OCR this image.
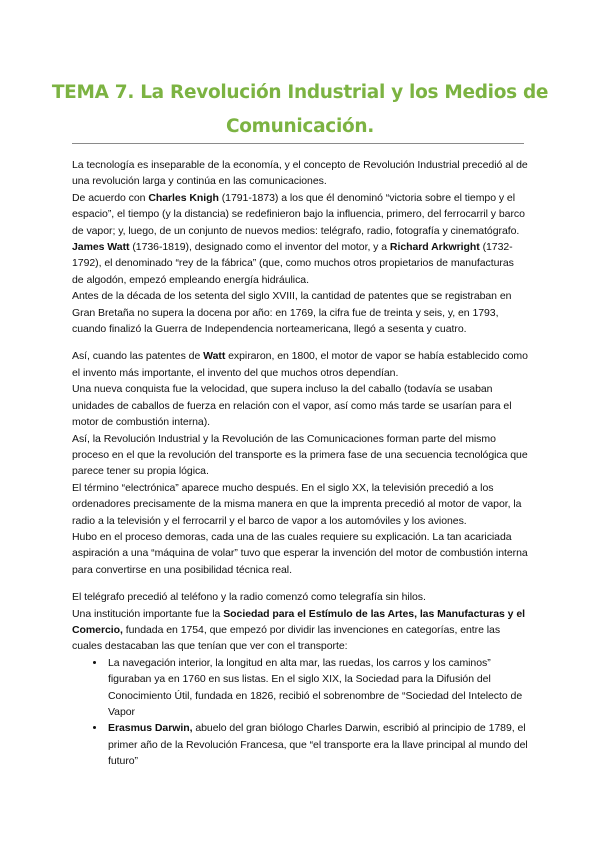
TEMA 7. La Revolución Industrial y los Medios de
Comunicación.

La tecnología es inseparable de la economía, y el concepto de Revolución Industrial precedió al de una revolución larga y continúa en las comunicaciones.

De acuerdo con Charles Knigh (1791-1873) a los que él denominó “victoria sobre el tiempo y el espacio”, el tiempo (y la distancia) se redefinieron bajo la influencia, primero, del ferrocarril y barco de vapor; y, luego, de un conjunto de nuevos medios: telégrafo, radio, fotografía y cinematógrafo.

James Watt (1736-1819), designado como el inventor del motor, y a Richard Arkwright (1732-1792), el denominado “rey de la fábrica” (que, como muchos otros propietarios de manufacturas de algodón, empezó empleando energía hidráulica.

Antes de la década de los setenta del siglo XVIII, la cantidad de patentes que se registraban en Gran Bretaña no supera la docena por año: en 1769, la cifra fue de treinta y seis, y, en 1793, cuando finalizó la Guerra de Independencia norteamericana, llegó a sesenta y cuatro.

Así, cuando las patentes de Watt expiraron, en 1800, el motor de vapor se había establecido como el invento más importante, el invento del que muchos otros dependían.

Una nueva conquista fue la velocidad, que supera incluso la del caballo (todavía se usaban unidades de caballos de fuerza en relación con el vapor, así como más tarde se usarían para el motor de combustión interna).

Así, la Revolución Industrial y la Revolución de las Comunicaciones forman parte del mismo proceso en el que la revolución del transporte es la primera fase de una secuencia tecnológica que parece tener su propia lógica.

El término “electrónica” aparece mucho después. En el siglo XX, la televisión precedió a los ordenadores precisamente de la misma manera en que la imprenta precedió al motor de vapor, la radio a la televisión y el ferrocarril y el barco de vapor a los automóviles y los aviones.

Hubo en el proceso demoras, cada una de las cuales requiere su explicación. La tan acariciada aspiración a una “máquina de volar” tuvo que esperar la invención del motor de combustión interna para convertirse en una posibilidad técnica real.

El telégrafo precedió al teléfono y la radio comenzó como telegrafía sin hilos.

Una institución importante fue la Sociedad para el Estímulo de las Artes, las Manufacturas y el Comercio, fundada en 1754, que empezó por dividir las invenciones en categorías, entre las cuales destacaban las que tenían que ver con el transporte:

• La navegación interior, la longitud en alta mar, las ruedas, los carros y los caminos” figuraban ya en 1760 en sus listas. En el siglo XIX, la Sociedad para la Difusión del Conocimiento Útil, fundada en 1826, recibió el sobrenombre de “Sociedad del Intelecto de Vapor
• Erasmus Darwin, abuelo del gran biólogo Charles Darwin, escribió al principio de 1789, el primer año de la Revolución Francesa, que “el transporte era la llave principal al mundo del futuro”
